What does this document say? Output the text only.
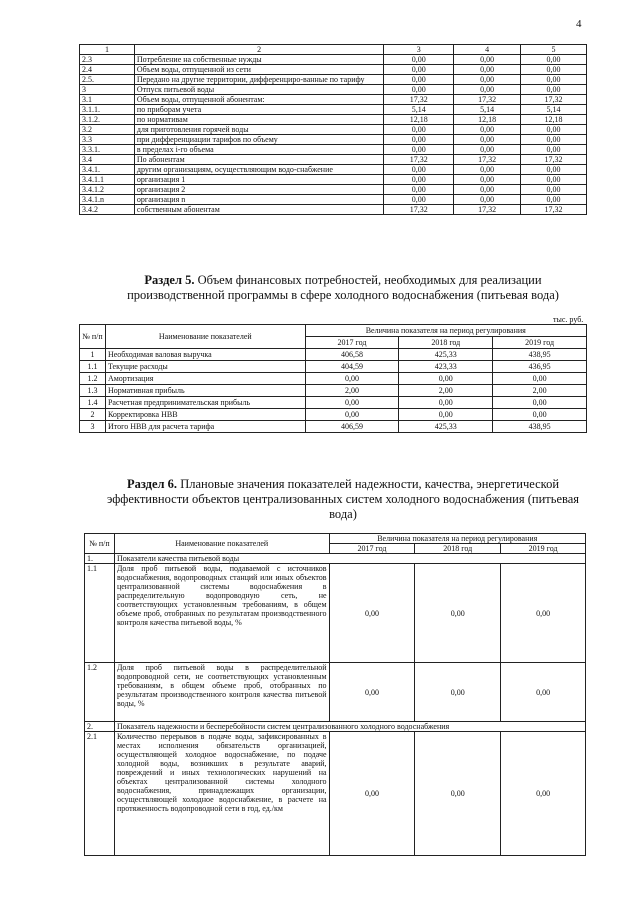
4
1	2	3	4	5
2.3	Потребление на собственные нужды	0,00	0,00	0,00
2.4	Объем воды, отпущенной из сети	0,00	0,00	0,00
2.5.	Передано на другие территории, дифференциро-ванные по тарифу	0,00	0,00	0,00
3	Отпуск питьевой воды	0,00	0,00	0,00
3.1	Объем воды, отпущенной абонентам:	17,32	17,32	17,32
3.1.1.	по приборам учета	5,14	5,14	5,14
3.1.2.	по нормативам	12,18	12,18	12,18
3.2	для приготовления горячей воды	0,00	0,00	0,00
3.3	при дифференциации тарифов по объему	0,00	0,00	0,00
3.3.1.	в пределах i-го объема	0,00	0,00	0,00
3.4	По абонентам	17,32	17,32	17,32
3.4.1.	другим организациям, осуществляющим водо-снабжение	0,00	0,00	0,00
3.4.1.1	организация 1	0,00	0,00	0,00
3.4.1.2	организация 2	0,00	0,00	0,00
3.4.1.n	организация n	0,00	0,00	0,00
3.4.2	собственным абонентам	17,32	17,32	17,32
Раздел 5. Объем финансовых потребностей, необходимых для реализации производственной программы в сфере холодного водоснабжения (питьевая вода)
тыс. руб.
№ п/п	Наименование показателей	Величина показателя на период регулирования		
		2017 год	2018 год	2019 год
1	Необходимая валовая выручка	406,58	425,33	438,95
1.1	Текущие расходы	404,59	423,33	436,95
1.2	Амортизация	0,00	0,00	0,00
1.3	Нормативная прибыль	2,00	2,00	2,00
1.4	Расчетная предпринимательская прибыль	0,00	0,00	0,00
2	Корректировка НВВ	0,00	0,00	0,00
3	Итого НВВ для расчета тарифа	406,59	425,33	438,95
Раздел 6. Плановые значения показателей надежности, качества, энергетической эффективности объектов централизованных систем холодного водоснабжения (питьевая вода)
№ п/п	Наименование показателей	Величина показателя на период регулирования		
		2017 год	2018 год	2019 год
1.	Показатели качества питьевой воды			
1.1	Доля проб питьевой воды, подаваемой с источников водоснабжения, водопроводных станций или иных объектов централизованной системы водоснабжения в распределительную водопроводную сеть, не соответствующих установленным требованиям, в общем объеме проб, отобранных по результатам производственного контроля качества питьевой воды, %	0,00	0,00	0,00
1.2	Доля проб питьевой воды в распределительной водопроводной сети, не соответствующих установленным требованиям, в общем объеме проб, отобранных по результатам производственного контроля качества питьевой воды, %	0,00	0,00	0,00
2.	Показатель надежности и бесперебойности систем централизованного холодного водоснабжения			
2.1	Количество перерывов в подаче воды, зафиксированных в местах исполнения обязательств организацией, осуществляющей холодное водоснабжение, по подаче холодной воды, возникших в результате аварий, повреждений и иных технологических нарушений на объектах централизованной системы холодного водоснабжения, принадлежащих организации, осуществляющей холодное водоснабжение, в расчете на протяженность водопроводной сети в год, ед./км	0,00	0,00	0,00
